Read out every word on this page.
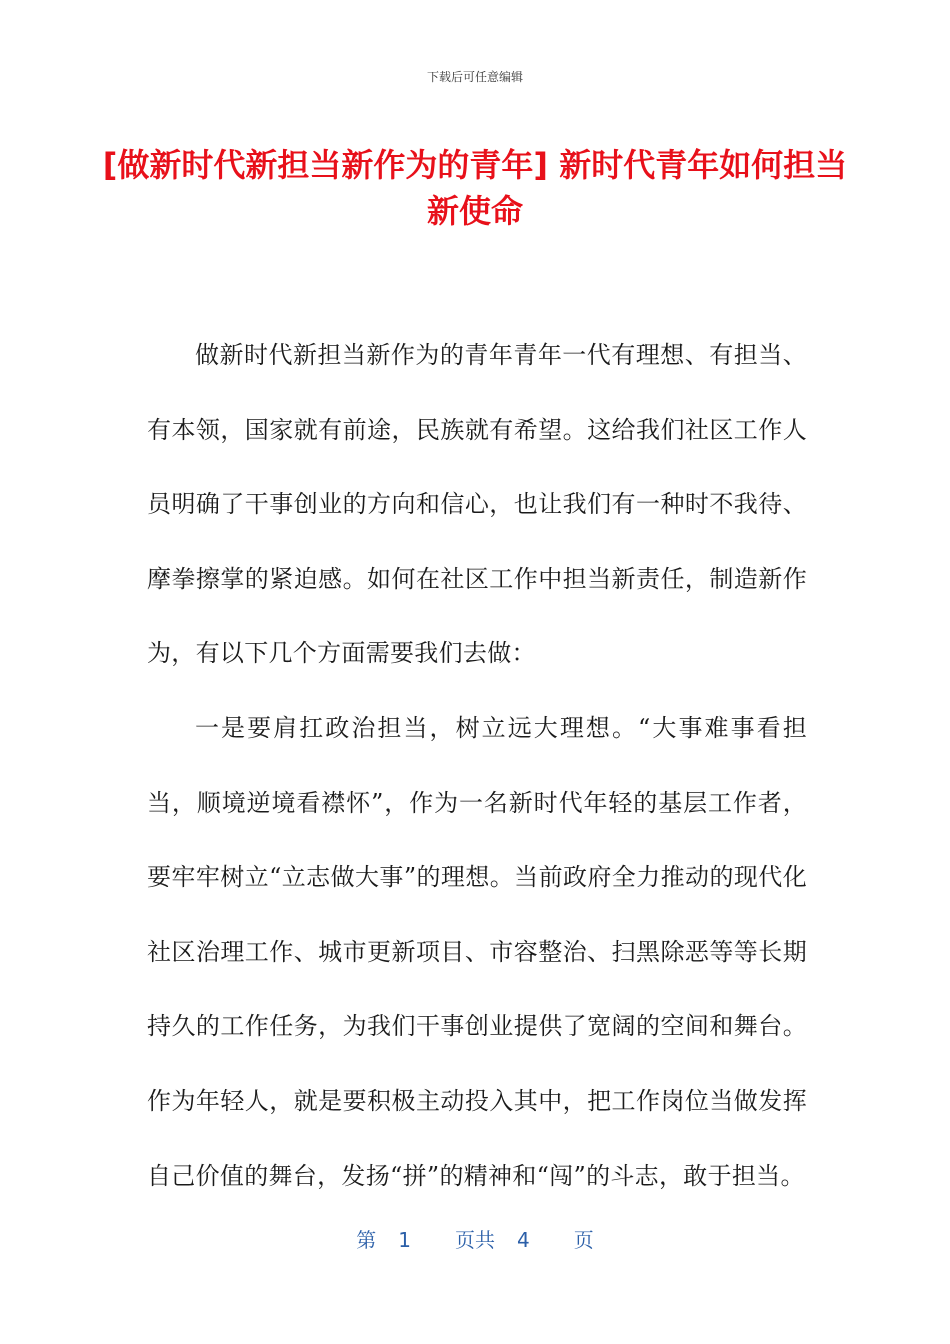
下载后可任意编辑
[做新时代新担当新作为的青年] 新时代青年如何担当新使命

做新时代新担当新作为的青年青年一代有理想、有担当、有本领，国家就有前途，民族就有希望。这给我们社区工作人员明确了干事创业的方向和信心，也让我们有一种时不我待、摩拳擦掌的紧迫感。如何在社区工作中担当新责任，制造新作为，有以下几个方面需要我们去做：

一是要肩扛政治担当，树立远大理想。“大事难事看担当，顺境逆境看襟怀”，作为一名新时代年轻的基层工作者，要牢牢树立“立志做大事”的理想。当前政府全力推动的现代化社区治理工作、城市更新项目、市容整治、扫黑除恶等等长期持久的工作任务，为我们干事创业提供了宽阔的空间和舞台。作为年轻人，就是要积极主动投入其中，把工作岗位当做发挥自己价值的舞台，发扬“拼”的精神和“闯”的斗志，敢于担当。

第 1 页共 4 页
